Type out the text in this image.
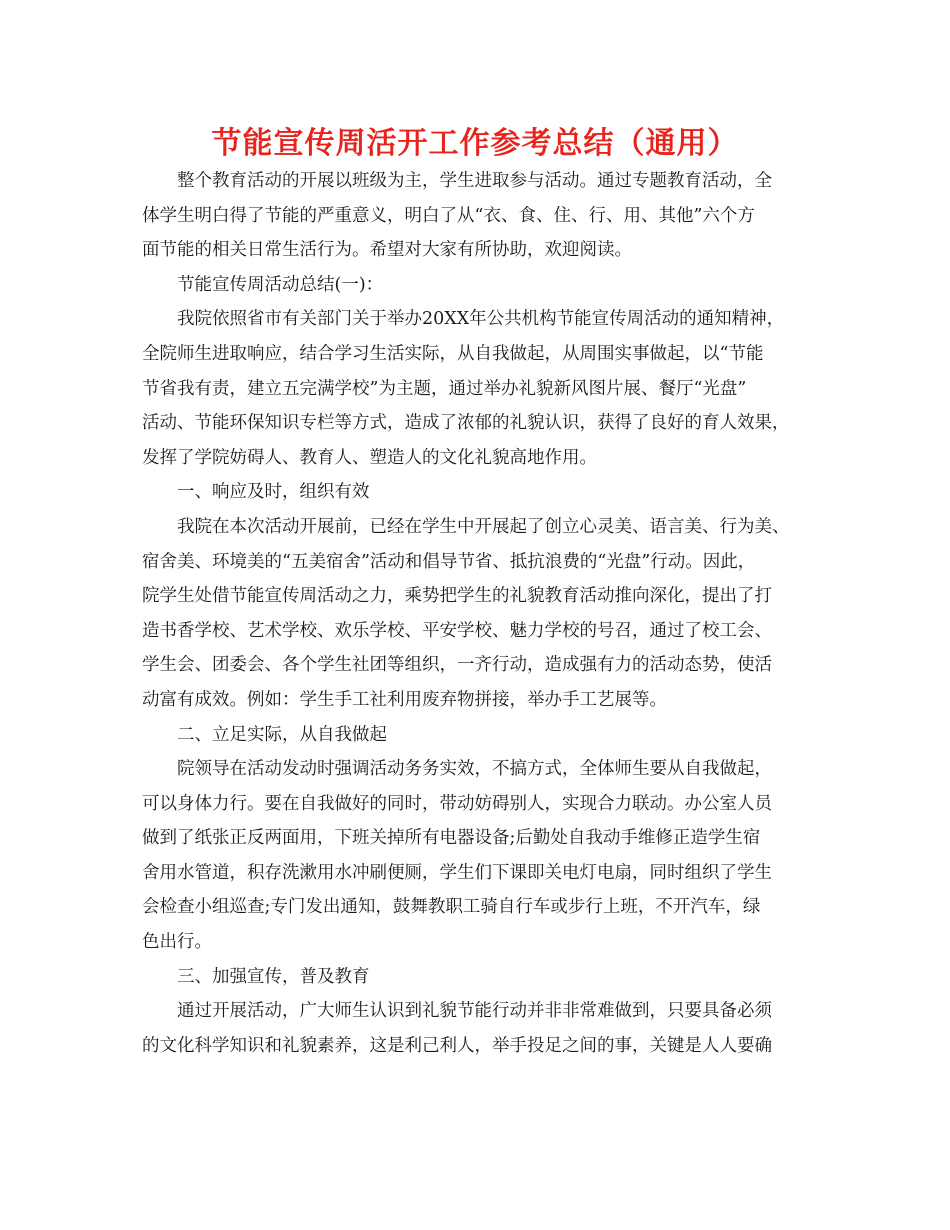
节能宣传周活开工作参考总结（通用）
整个教育活动的开展以班级为主，学生进取参与活动。通过专题教育活动，全
体学生明白得了节能的严重意义，明白了从“衣、食、住、行、用、其他”六个方
面节能的相关日常生活行为。希望对大家有所协助，欢迎阅读。
节能宣传周活动总结(一)：
我院依照省市有关部门关于举办20XX年公共机构节能宣传周活动的通知精神，
全院师生进取响应，结合学习生活实际，从自我做起，从周围实事做起，以“节能
节省我有责，建立五完满学校”为主题，通过举办礼貌新风图片展、餐厅“光盘”
活动、节能环保知识专栏等方式，造成了浓郁的礼貌认识，获得了良好的育人效果，
发挥了学院妨碍人、教育人、塑造人的文化礼貌高地作用。
一、响应及时，组织有效
我院在本次活动开展前，已经在学生中开展起了创立心灵美、语言美、行为美、
宿舍美、环境美的“五美宿舍”活动和倡导节省、抵抗浪费的“光盘”行动。因此，
院学生处借节能宣传周活动之力，乘势把学生的礼貌教育活动推向深化，提出了打
造书香学校、艺术学校、欢乐学校、平安学校、魅力学校的号召，通过了校工会、
学生会、团委会、各个学生社团等组织，一齐行动，造成强有力的活动态势，使活
动富有成效。例如：学生手工社利用废弃物拼接，举办手工艺展等。
二、立足实际，从自我做起
院领导在活动发动时强调活动务务实效，不搞方式，全体师生要从自我做起，
可以身体力行。要在自我做好的同时，带动妨碍别人，实现合力联动。办公室人员
做到了纸张正反两面用，下班关掉所有电器设备;后勤处自我动手维修正造学生宿
舍用水管道，积存洗漱用水冲刷便厕，学生们下课即关电灯电扇，同时组织了学生
会检查小组巡查;专门发出通知，鼓舞教职工骑自行车或步行上班，不开汽车，绿
色出行。
三、加强宣传，普及教育
通过开展活动，广大师生认识到礼貌节能行动并非非常难做到，只要具备必须
的文化科学知识和礼貌素养，这是利己利人，举手投足之间的事，关键是人人要确
